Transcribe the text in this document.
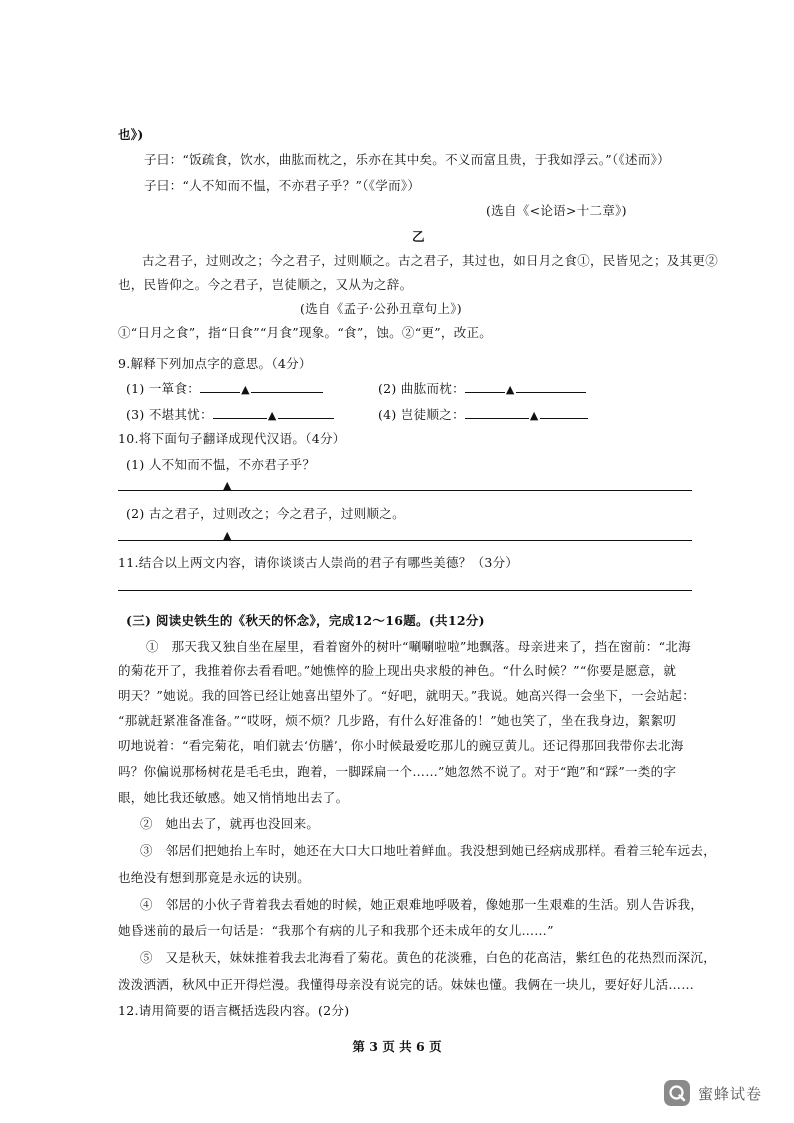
也》)
子曰：“饭疏食，饮水，曲肱而枕之，乐亦在其中矣。不义而富且贵，于我如浮云。”（《述而》）
子曰：“人不知而不愠，不亦君子乎？”（《学而》）
(选自《<论语>十二章》)
乙
古之君子，过则改之；今之君子，过则顺之。古之君子，其过也，如日月之食①，民皆见之；及其更②
也，民皆仰之。今之君子，岂徒顺之，又从为之辞。
(选自《孟子·公孙丑章句上》)
①“日月之食”，指“日食”“月食”现象。“食”，蚀。②“更”，改正。
9.解释下列加点字的意思。（4分）
(1) 一箪食：	▲	(2) 曲肱而枕：	▲
(3) 不堪其忧：	▲	(4) 岂徒顺之：	▲
10.将下面句子翻译成现代汉语。（4分）
(1) 人不知而不愠，不亦君子乎？
▲
(2) 古之君子，过则改之；今之君子，过则顺之。
▲
11.结合以上两文内容，请你谈谈古人崇尚的君子有哪些美德？（3分）
(三) 阅读史铁生的《秋天的怀念》，完成12～16题。(共12分)
①　那天我又独自坐在屋里，看着窗外的树叶“唰唰啦啦”地飘落。母亲进来了，挡在窗前：“北海
的菊花开了，我推着你去看看吧。”她憔悴的脸上现出央求般的神色。“什么时候？”“你要是愿意，就
明天？”她说。我的回答已经让她喜出望外了。“好吧，就明天。”我说。她高兴得一会坐下，一会站起：
“那就赶紧准备准备。”“哎呀，烦不烦？几步路，有什么好准备的！”她也笑了，坐在我身边，絮絮叨
叨地说着：“看完菊花，咱们就去‘仿膳’，你小时候最爱吃那儿的豌豆黄儿。还记得那回我带你去北海
吗？你偏说那杨树花是毛毛虫，跑着，一脚踩扁一个……”她忽然不说了。对于“跑”和“踩”一类的字
眼，她比我还敏感。她又悄悄地出去了。
②　她出去了，就再也没回来。
③　邻居们把她抬上车时，她还在大口大口地吐着鲜血。我没想到她已经病成那样。看着三轮车远去，
也绝没有想到那竟是永远的诀别。
④　邻居的小伙子背着我去看她的时候，她正艰难地呼吸着，像她那一生艰难的生活。别人告诉我，
她昏迷前的最后一句话是：“我那个有病的儿子和我那个还未成年的女儿……”
⑤　又是秋天，妹妹推着我去北海看了菊花。黄色的花淡雅，白色的花高洁，紫红色的花热烈而深沉，
泼泼洒洒，秋风中正开得烂漫。我懂得母亲没有说完的话。妹妹也懂。我俩在一块儿，要好好儿活……
12.请用简要的语言概括选段内容。(2分)
第 3 页 共 6 页
蜜蜂试卷
